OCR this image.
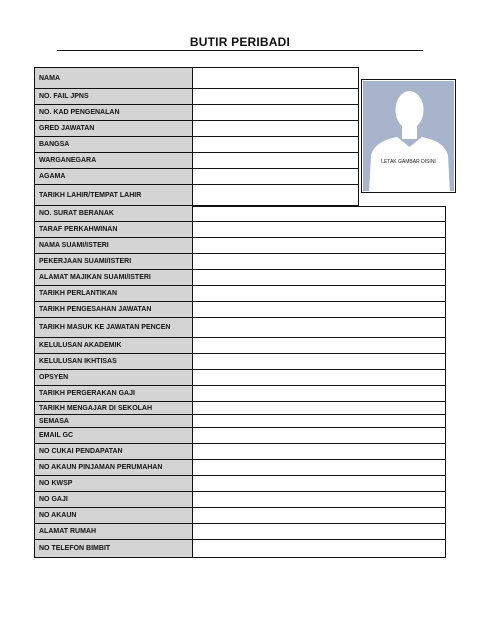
BUTIR PERIBADI
NAMA
NO. FAIL JPNS
NO. KAD PENGENALAN
GRED JAWATAN
BANGSA
WARGANEGARA
AGAMA
TARIKH LAHIR/TEMPAT LAHIR
NO. SURAT BERANAK
TARAF PERKAHWINAN
NAMA SUAMI/ISTERI
PEKERJAAN SUAMI/ISTERI
ALAMAT MAJIKAN SUAMI/ISTERI
TARIKH PERLANTIKAN
TARIKH PENGESAHAN JAWATAN
TARIKH MASUK KE JAWATAN PENCEN
KELULUSAN AKADEMIK
KELULUSAN IKHTISAS
OPSYEN
TARIKH PERGERAKAN GAJI
TARIKH MENGAJAR DI SEKOLAH
SEMASA
EMAIL GC
NO CUKAI PENDAPATAN
NO AKAUN PINJAMAN PERUMAHAN
NO KWSP
NO GAJI
NO AKAUN
ALAMAT RUMAH
NO TELEFON BIMBIT
LETAK GAMBAR DISINI
